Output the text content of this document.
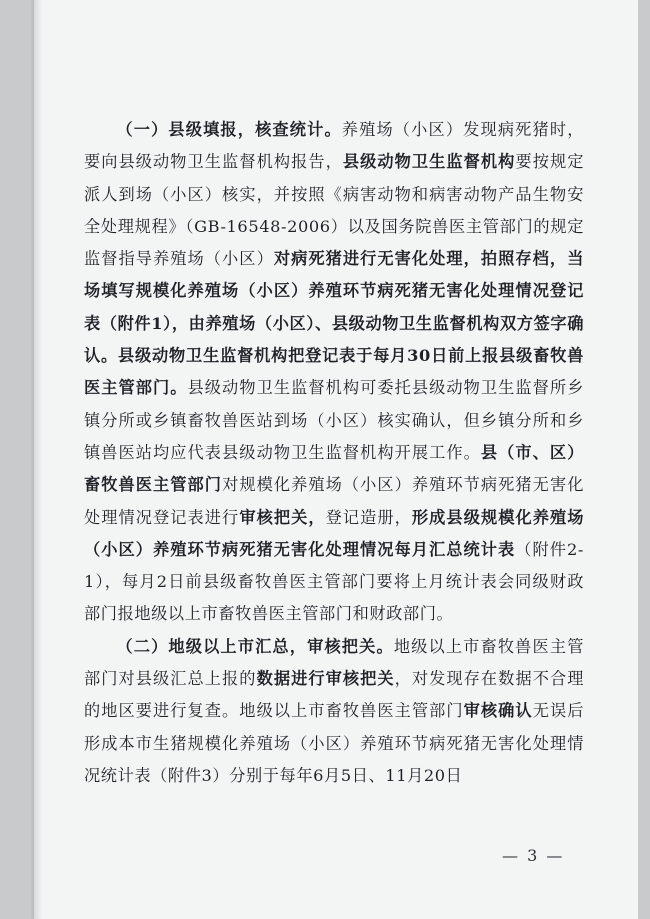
（一）县级填报，核查统计。养殖场（小区）发现病死猪时，要向县级动物卫生监督机构报告，县级动物卫生监督机构要按规定派人到场（小区）核实，并按照《病害动物和病害动物产品生物安全处理规程》（GB-16548-2006）以及国务院兽医主管部门的规定监督指导养殖场（小区）对病死猪进行无害化处理，拍照存档，当场填写规模化养殖场（小区）养殖环节病死猪无害化处理情况登记表（附件1），由养殖场（小区）、县级动物卫生监督机构双方签字确认。县级动物卫生监督机构把登记表于每月30日前上报县级畜牧兽医主管部门。县级动物卫生监督机构可委托县级动物卫生监督所乡镇分所或乡镇畜牧兽医站到场（小区）核实确认，但乡镇分所和乡镇兽医站均应代表县级动物卫生监督机构开展工作。县（市、区）畜牧兽医主管部门对规模化养殖场（小区）养殖环节病死猪无害化处理情况登记表进行审核把关，登记造册，形成县级规模化养殖场（小区）养殖环节病死猪无害化处理情况每月汇总统计表（附件2-1），每月2日前县级畜牧兽医主管部门要将上月统计表会同级财政部门报地级以上市畜牧兽医主管部门和财政部门。

（二）地级以上市汇总，审核把关。地级以上市畜牧兽医主管部门对县级汇总上报的数据进行审核把关，对发现存在数据不合理的地区要进行复查。地级以上市畜牧兽医主管部门审核确认无误后形成本市生猪规模化养殖场（小区）养殖环节病死猪无害化处理情况统计表（附件3）分别于每年6月5日、11月20日

— 3 —
